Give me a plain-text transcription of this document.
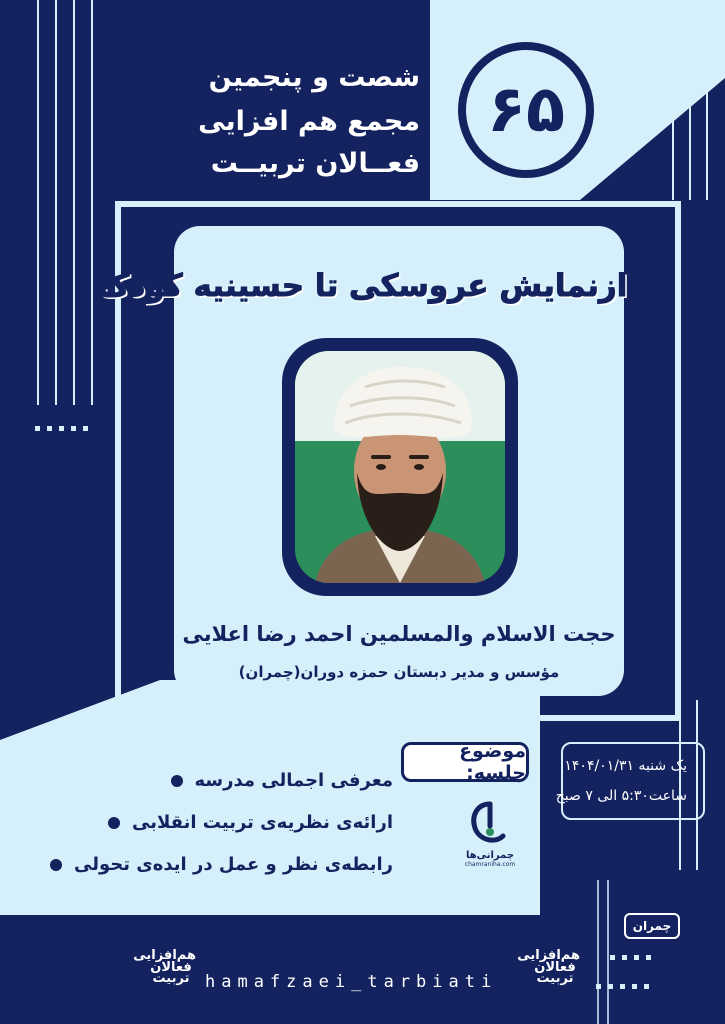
شصت و پنجمین
مجمع هم افزایی
فعــالان تربیــت
۶۵
ازنمایش عروسکی تا حسینیه کودک
حجت الاسلام والمسلمین احمد رضا اعلایی
مؤسس و مدیر دبستان حمزه دوران(چمران)
موضوع جلسه:
معرفی اجمالی مدرسه
ارائه‌ی نظریه‌ی تربیت انقلابی
رابطه‌ی نظر و عمل در ایده‌ی تحولی	چمرانی‌ها
chamraniha.com
یک شنبه ۱۴۰۴/۰۱/۳۱
ساعت۵:۳۰ الی ۷ صبح
چمران
هم‌افزایی فعالان تربیت
هم‌افزایی فعالان تربیت
hamafzaei_tarbiati
